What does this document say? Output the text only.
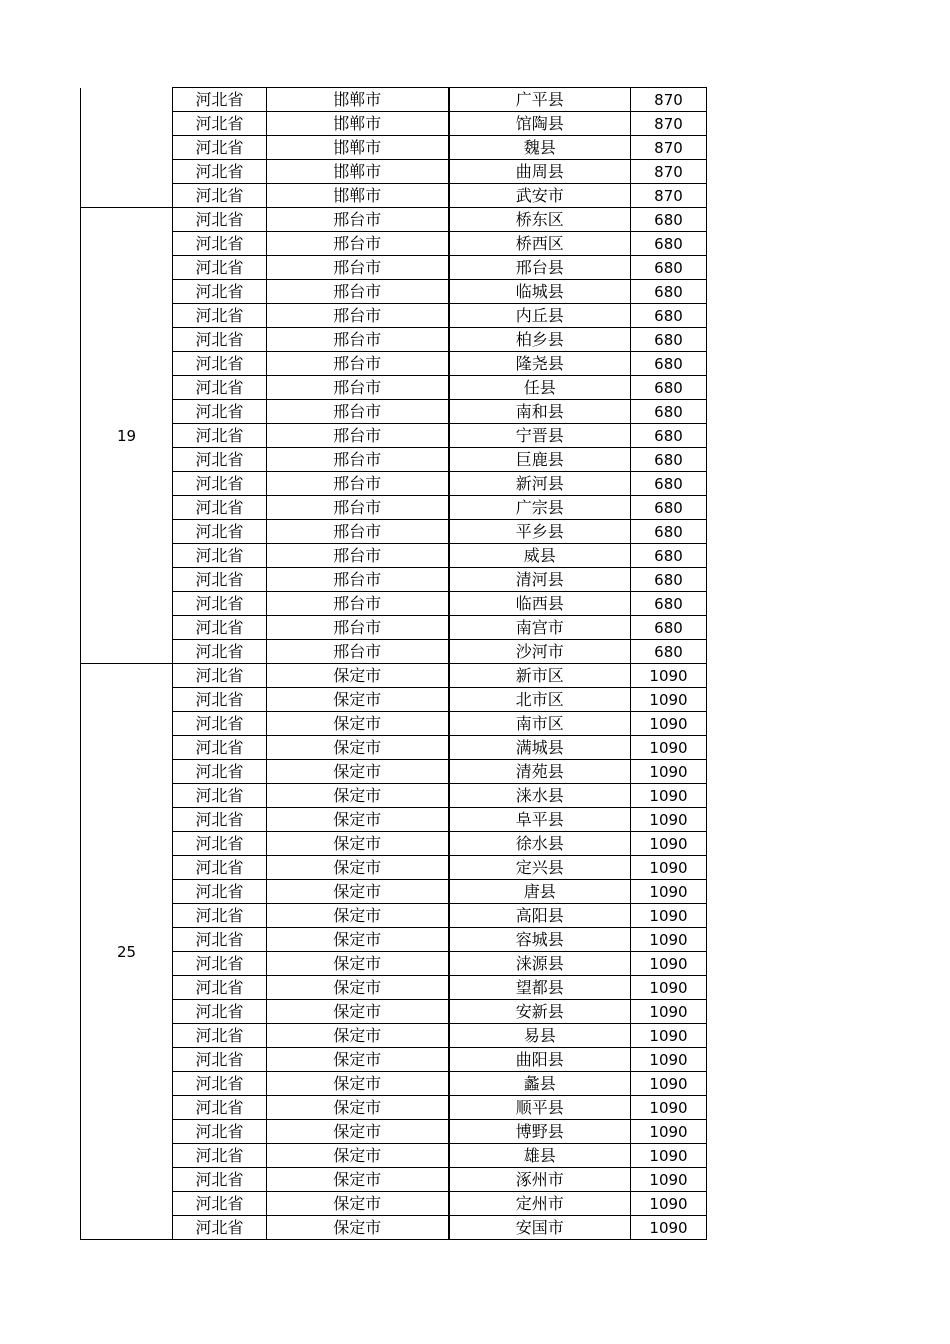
	河北省	邯郸市	广平县	870
	河北省	邯郸市	馆陶县	870
	河北省	邯郸市	魏县	870
	河北省	邯郸市	曲周县	870
	河北省	邯郸市	武安市	870
19	河北省	邢台市	桥东区	680
	河北省	邢台市	桥西区	680
	河北省	邢台市	邢台县	680
	河北省	邢台市	临城县	680
	河北省	邢台市	内丘县	680
	河北省	邢台市	柏乡县	680
	河北省	邢台市	隆尧县	680
	河北省	邢台市	任县	680
	河北省	邢台市	南和县	680
	河北省	邢台市	宁晋县	680
	河北省	邢台市	巨鹿县	680
	河北省	邢台市	新河县	680
	河北省	邢台市	广宗县	680
	河北省	邢台市	平乡县	680
	河北省	邢台市	威县	680
	河北省	邢台市	清河县	680
	河北省	邢台市	临西县	680
	河北省	邢台市	南宫市	680
	河北省	邢台市	沙河市	680
25	河北省	保定市	新市区	1090
	河北省	保定市	北市区	1090
	河北省	保定市	南市区	1090
	河北省	保定市	满城县	1090
	河北省	保定市	清苑县	1090
	河北省	保定市	涞水县	1090
	河北省	保定市	阜平县	1090
	河北省	保定市	徐水县	1090
	河北省	保定市	定兴县	1090
	河北省	保定市	唐县	1090
	河北省	保定市	高阳县	1090
	河北省	保定市	容城县	1090
	河北省	保定市	涞源县	1090
	河北省	保定市	望都县	1090
	河北省	保定市	安新县	1090
	河北省	保定市	易县	1090
	河北省	保定市	曲阳县	1090
	河北省	保定市	蠡县	1090
	河北省	保定市	顺平县	1090
	河北省	保定市	博野县	1090
	河北省	保定市	雄县	1090
	河北省	保定市	涿州市	1090
	河北省	保定市	定州市	1090
	河北省	保定市	安国市	1090
